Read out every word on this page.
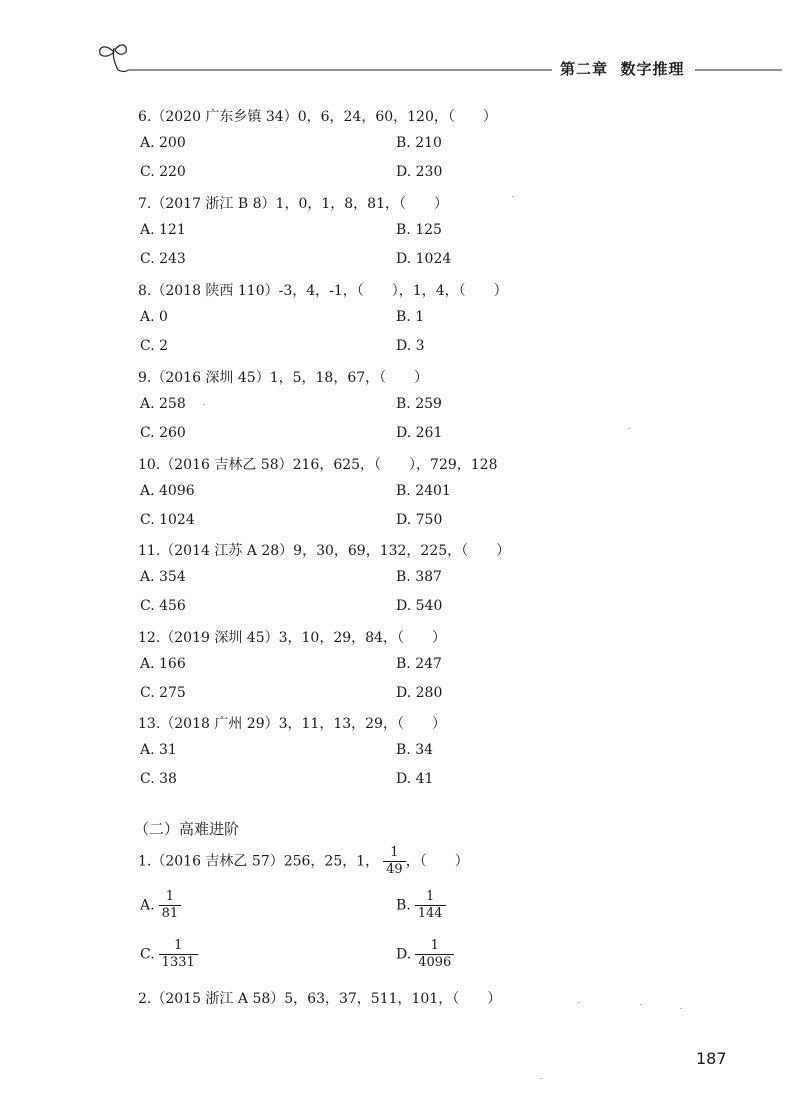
第二章 数字推理
6.（2020 广东乡镇 34）0，6，24，60，120，（　　）
A. 200	B. 210
C. 220	D. 230
7.（2017 浙江 B 8）1，0，1，8，81，（　　）
A. 121	B. 125
C. 243	D. 1024
8.（2018 陕西 110）-3，4，-1，（　　），1，4，（　　）
A. 0	B. 1
C. 2	D. 3
9.（2016 深圳 45）1，5，18，67，（　　）
A. 258	B. 259
C. 260	D. 261
10.（2016 吉林乙 58）216，625，（　　），729，128
A. 4096	B. 2401
C. 1024	D. 750
11.（2014 江苏 A 28）9，30，69，132，225，（　　）
A. 354	B. 387
C. 456	D. 540
12.（2019 深圳 45）3，10，29，84，（　　）
A. 166	B. 247
C. 275	D. 280
13.（2018 广州 29）3，11，13，29，（　　）
A. 31	B. 34
C. 38	D. 41
（二）高难进阶
1.（2016 吉林乙 57）256，25，1， $\frac{1}{49}$ ，（　　）
A. $\frac{1}{81}$	B. $\frac{1}{144}$
C. $\frac{1}{1331}$	D. $\frac{1}{4096}$
2.（2015 浙江 A 58）5，63，37，511，101，（　　）
187
